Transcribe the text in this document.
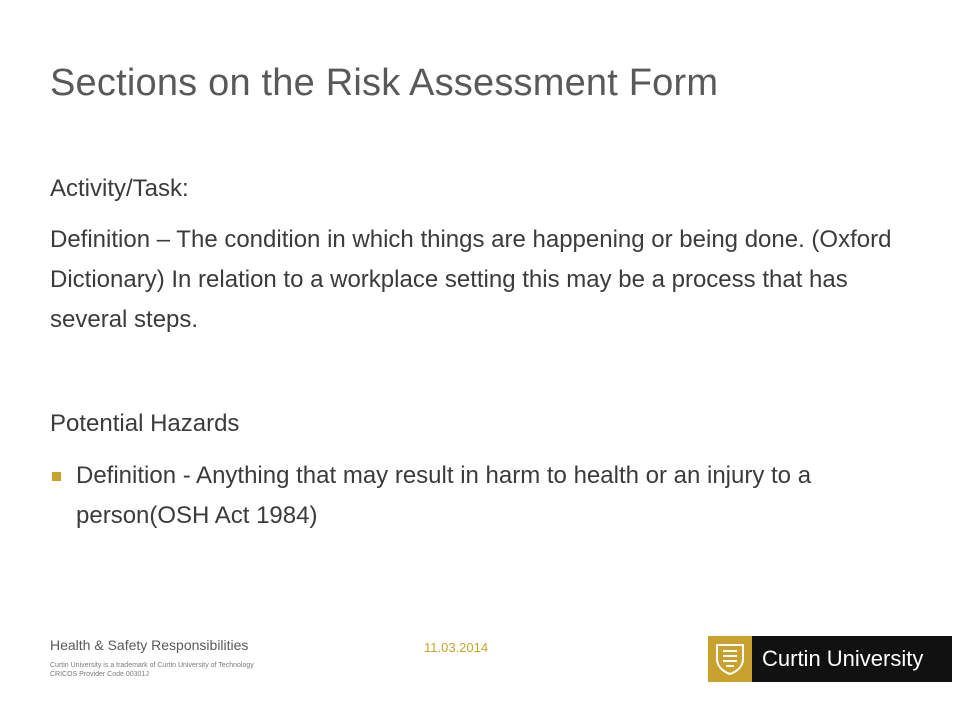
Sections on the Risk Assessment Form

Activity/Task:

Definition – The condition in which things are happening or being done. (Oxford Dictionary) In relation to a workplace setting this may be a process that has several steps.

Potential Hazards

Definition - Anything that may result in harm to health or an injury to a person(OSH Act 1984)
Health & Safety Responsibilities
Curtin University is a trademark of Curtin University of Technology
CRICOS Provider Code 00301J
11.03.2014	Curtin University
